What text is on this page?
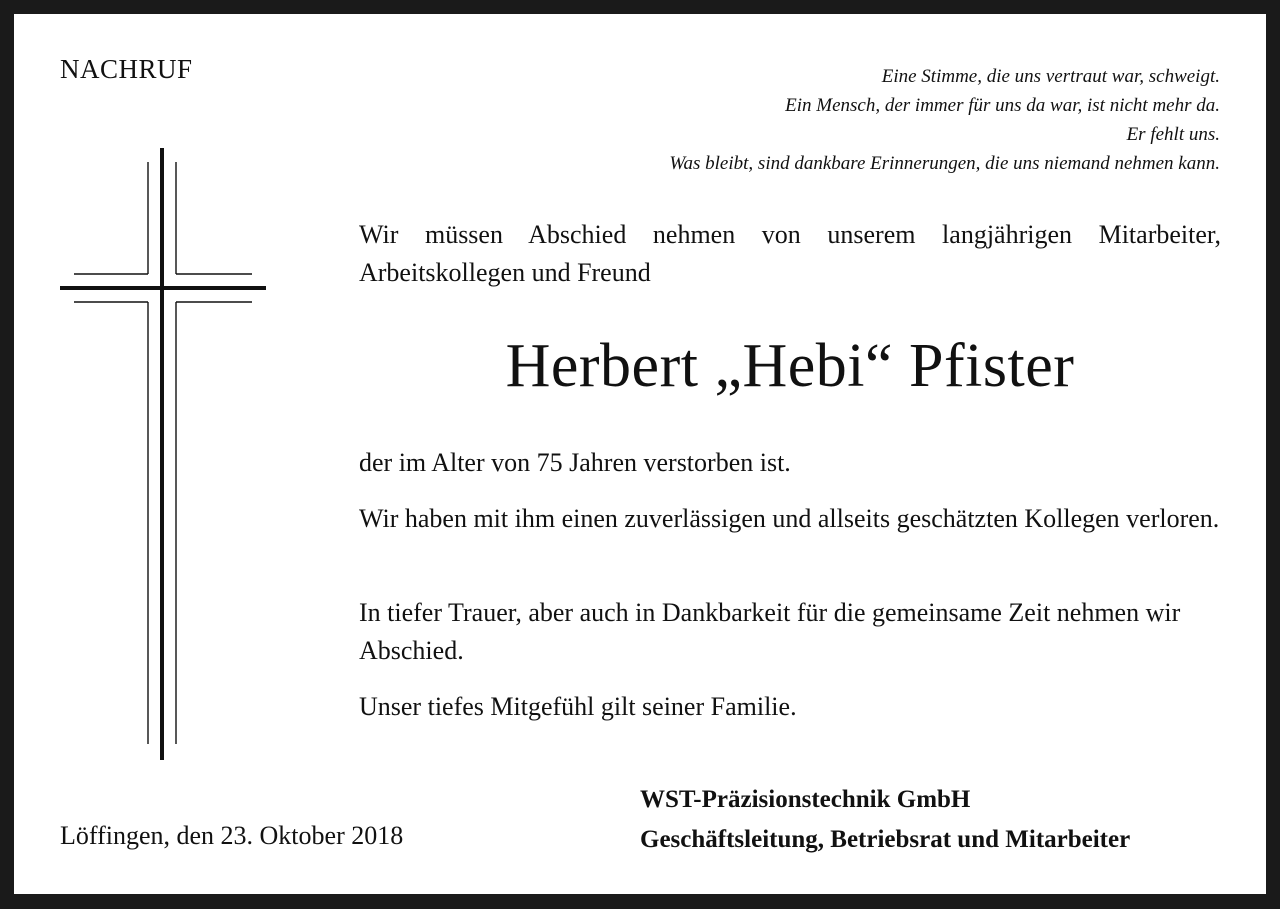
NACHRUF	Eine Stimme, die uns vertraut war, schweigt.
Ein Mensch, der immer für uns da war, ist nicht mehr da.
Er fehlt uns.
Was bleibt, sind dankbare Erinnerungen, die uns niemand nehmen kann.
Wir müssen Abschied nehmen von unserem langjährigen Mitarbeiter, Arbeitskollegen und Freund
Herbert „Hebi“ Pfister
der im Alter von 75 Jahren verstorben ist.
Wir haben mit ihm einen zuverlässigen und allseits geschätzten Kollegen verloren.
In tiefer Trauer, aber auch in Dankbarkeit für die gemeinsame Zeit nehmen wir Abschied.
Unser tiefes Mitgefühl gilt seiner Familie.
Löffingen, den 23. Oktober 2018
WST-Präzisionstechnik GmbH
Geschäftsleitung, Betriebsrat und Mitarbeiter
